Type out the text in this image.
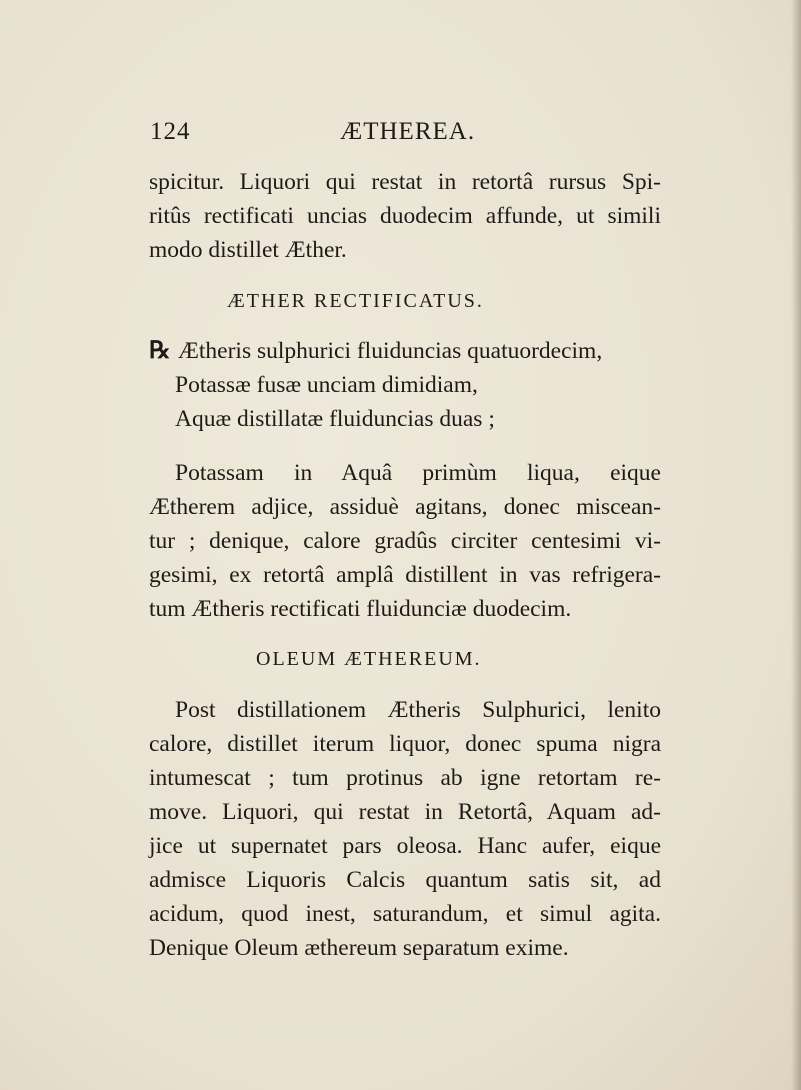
124	ÆTHEREA.
spicitur. Liquori qui restat in retortâ rursus Spi-
ritûs rectificati uncias duodecim affunde, ut simili
modo distillet Æther.
ÆTHER RECTIFICATUS.
℞ Ætheris sulphurici fluiduncias quatuordecim,
Potassæ fusæ unciam dimidiam,
Aquæ distillatæ fluiduncias duas ;
Potassam in Aquâ primùm liqua, eique
Ætherem adjice, assiduè agitans, donec miscean-
tur ; denique, calore gradûs circiter centesimi vi-
gesimi, ex retortâ amplâ distillent in vas refrigera-
tum Ætheris rectificati fluidunciæ duodecim.
OLEUM ÆTHEREUM.
Post distillationem Ætheris Sulphurici, lenito
calore, distillet iterum liquor, donec spuma nigra
intumescat ; tum protinus ab igne retortam re-
move. Liquori, qui restat in Retortâ, Aquam ad-
jice ut supernatet pars oleosa. Hanc aufer, eique
admisce Liquoris Calcis quantum satis sit, ad
acidum, quod inest, saturandum, et simul agita.
Denique Oleum æthereum separatum exime.
